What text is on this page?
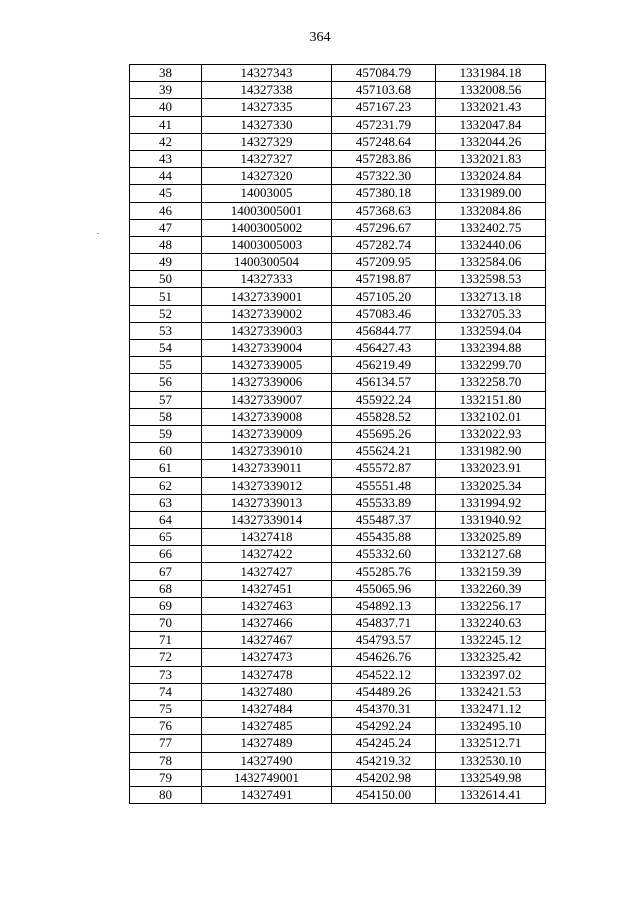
364
38	14327343	457084.79	1331984.18
39	14327338	457103.68	1332008.56
40	14327335	457167.23	1332021.43
41	14327330	457231.79	1332047.84
42	14327329	457248.64	1332044.26
43	14327327	457283.86	1332021.83
44	14327320	457322.30	1332024.84
45	14003005	457380.18	1331989.00
46	14003005001	457368.63	1332084.86
47	14003005002	457296.67	1332402.75
48	14003005003	457282.74	1332440.06
49	1400300504	457209.95	1332584.06
50	14327333	457198.87	1332598.53
51	14327339001	457105.20	1332713.18
52	14327339002	457083.46	1332705.33
53	14327339003	456844.77	1332594.04
54	14327339004	456427.43	1332394.88
55	14327339005	456219.49	1332299.70
56	14327339006	456134.57	1332258.70
57	14327339007	455922.24	1332151.80
58	14327339008	455828.52	1332102.01
59	14327339009	455695.26	1332022.93
60	14327339010	455624.21	1331982.90
61	14327339011	455572.87	1332023.91
62	14327339012	455551.48	1332025.34
63	14327339013	455533.89	1331994.92
64	14327339014	455487.37	1331940.92
65	14327418	455435.88	1332025.89
66	14327422	455332.60	1332127.68
67	14327427	455285.76	1332159.39
68	14327451	455065.96	1332260.39
69	14327463	454892.13	1332256.17
70	14327466	454837.71	1332240.63
71	14327467	454793.57	1332245.12
72	14327473	454626.76	1332325.42
73	14327478	454522.12	1332397.02
74	14327480	454489.26	1332421.53
75	14327484	454370.31	1332471.12
76	14327485	454292.24	1332495.10
77	14327489	454245.24	1332512.71
78	14327490	454219.32	1332530.10
79	1432749001	454202.98	1332549.98
80	14327491	454150.00	1332614.41
